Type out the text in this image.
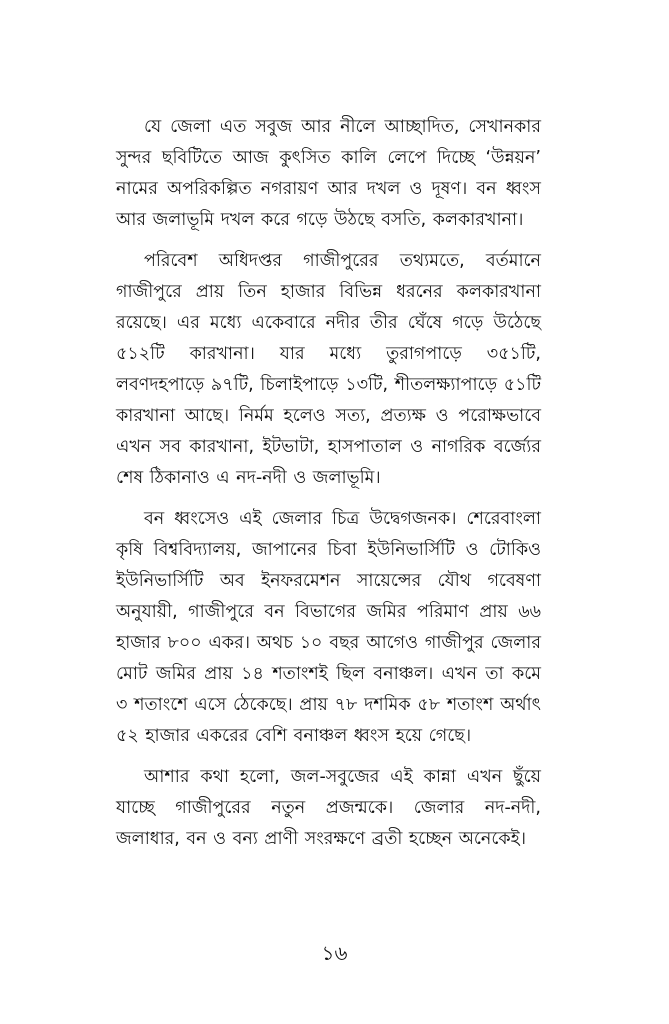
যে জেলা এত সবুজ আর নীলে আচ্ছাদিত, সেখানকার সুন্দর ছবিটিতে আজ কুৎসিত কালি লেপে দিচ্ছে ‘উন্নয়ন’ নামের অপরিকল্পিত নগরায়ণ আর দখল ও দূষণ। বন ধ্বংস আর জলাভূমি দখল করে গড়ে উঠছে বসতি, কলকারখানা।

পরিবেশ অধিদপ্তর গাজীপুরের তথ্যমতে, বর্তমানে গাজীপুরে প্রায় তিন হাজার বিভিন্ন ধরনের কলকারখানা রয়েছে। এর মধ্যে একেবারে নদীর তীর ঘেঁষে গড়ে উঠেছে ৫১২টি কারখানা। যার মধ্যে তুরাগপাড়ে ৩৫১টি, লবণদহপাড়ে ৯৭টি, চিলাইপাড়ে ১৩টি, শীতলক্ষ্যাপাড়ে ৫১টি কারখানা আছে। নির্মম হলেও সত্য, প্রত্যক্ষ ও পরোক্ষভাবে এখন সব কারখানা, ইটভাটা, হাসপাতাল ও নাগরিক বর্জ্যের শেষ ঠিকানাও এ নদ-নদী ও জলাভূমি।

বন ধ্বংসেও এই জেলার চিত্র উদ্বেগজনক। শেরেবাংলা কৃষি বিশ্ববিদ্যালয়, জাপানের চিবা ইউনিভার্সিটি ও টোকিও ইউনিভার্সিটি অব ইনফরমেশন সায়েন্সের যৌথ গবেষণা অনুযায়ী, গাজীপুরে বন বিভাগের জমির পরিমাণ প্রায় ৬৬ হাজার ৮০০ একর। অথচ ১০ বছর আগেও গাজীপুর জেলার মোট জমির প্রায় ১৪ শতাংশই ছিল বনাঞ্চল। এখন তা কমে ৩ শতাংশে এসে ঠেকেছে। প্রায় ৭৮ দশমিক ৫৮ শতাংশ অর্থাৎ ৫২ হাজার একরের বেশি বনাঞ্চল ধ্বংস হয়ে গেছে।

আশার কথা হলো, জল-সবুজের এই কান্না এখন ছুঁয়ে যাচ্ছে গাজীপুরের নতুন প্রজন্মকে। জেলার নদ-নদী, জলাধার, বন ও বন্য প্রাণী সংরক্ষণে ব্রতী হচ্ছেন অনেকেই।

১৬
